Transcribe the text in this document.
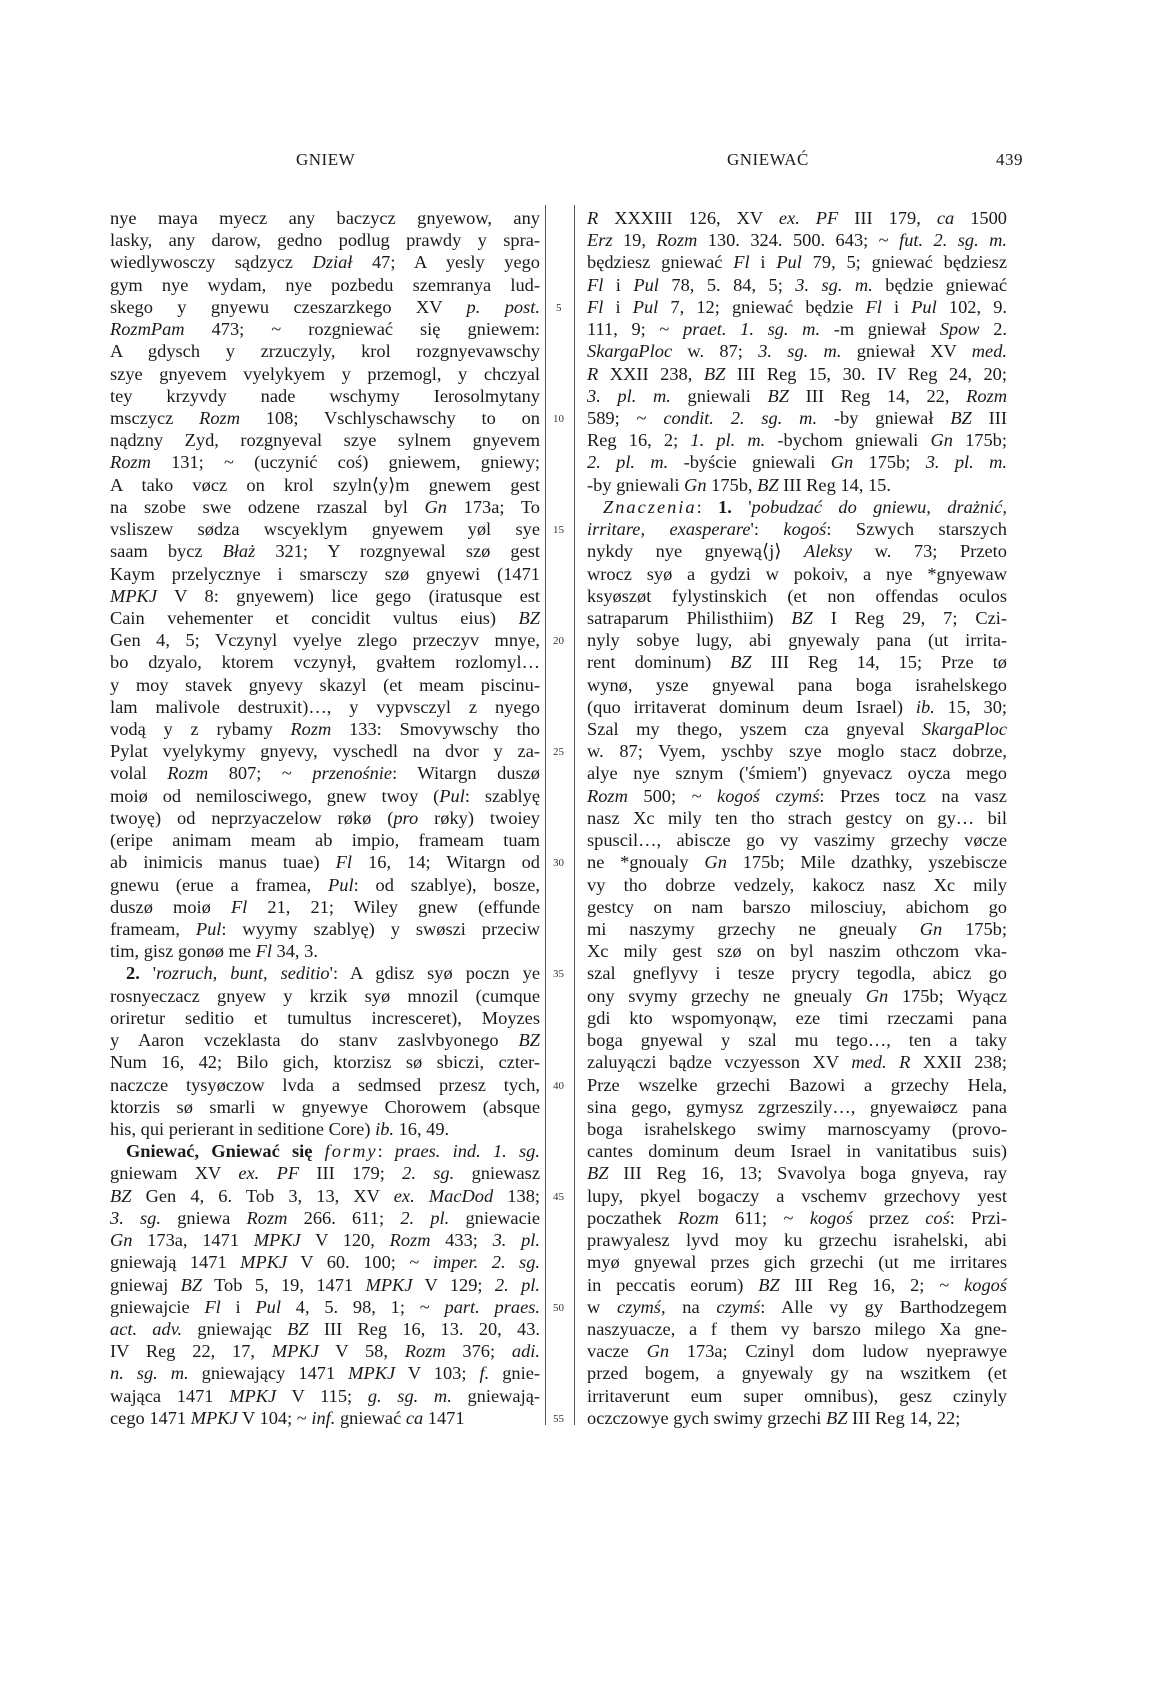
GNIEW	GNIEWAĆ	439
nye maya myecz any baczycz gnyewow, any
lasky, any darow, gedno podlug prawdy y spra-
wiedlywosczy sądzycz Dział 47; A yesly yego
gym nye wydam, nye pozbedu szemranya lud-
skego y gnyewu czeszarzkego XV p. post.
RozmPam 473; ~ rozgniewać się gniewem:
A gdysch y zrzuczyly, krol rozgnyevawschy
szye gnyevem vyelykyem y przemogl, y chczyal
tey krzyvdy nade wschymy Ierosolmytany
msczycz Rozm 108; Vschlyschawschy to on
nądzny Zyd, rozgnyeval szye sylnem gnyevem
Rozm 131; ~ (uczynić coś) gniewem, gniewy;
A tako vøcz on krol szyln⟨y⟩m gnewem gest
na szobe swe odzene rzaszal byl Gn 173a; To
vsliszew sødza wscyeklym gnyewem yøl sye
saam bycz Błaż 321; Y rozgnyewal szø gest
Kaym przelycznye i smarsczy szø gnyewi (1471
MPKJ V 8: gnyewem) lice gego (iratusque est
Cain vehementer et concidit vultus eius) BZ
Gen 4, 5; Vczynyl vyelye zlego przeczyv mnye,
bo dzyalo, ktorem vczynył, gvałtem rozlomyl…
y moy stavek gnyevy skazyl (et meam piscinu-
lam malivole destruxit)…, y vypvsczyl z nyego
vodą y z rybamy Rozm 133: Smovywschy tho
Pylat vyelykymy gnyevy, vyschedl na dvor y za-
volal Rozm 807; ~ przenośnie: Witargn duszø
moiø od nemilosciwego, gnew twoy (Pul: szablyę
twoyę) od neprzyaczelow røkø (pro røky) twoiey
(eripe animam meam ab impio, frameam tuam
ab inimicis manus tuae) Fl 16, 14; Witargn od
gnewu (erue a framea, Pul: od szablye), bosze,
duszø moiø Fl 21, 21; Wiley gnew (effunde
frameam, Pul: wyymy szablyę) y swøszi przeciw
tim, gisz gonøø me Fl 34, 3.
2. 'rozruch, bunt, seditio': A gdisz syø poczn ye
rosnyeczacz gnyew y krzik syø mnozil (cumque
oriretur seditio et tumultus incresceret), Moyzes
y Aaron vczeklasta do stanv zaslvbyonego BZ
Num 16, 42; Bilo gich, ktorzisz sø sbiczi, czter-
naczcze tysyøczow lvda a sedmsed przesz tych,
ktorzis sø smarli w gnyewye Chorowem (absque
his, qui perierant in seditione Core) ib. 16, 49.
Gniewać, Gniewać się formy: praes. ind. 1. sg.
gniewam XV ex. PF III 179; 2. sg. gniewasz
BZ Gen 4, 6. Tob 3, 13, XV ex. MacDod 138;
3. sg. gniewa Rozm 266. 611; 2. pl. gniewacie
Gn 173a, 1471 MPKJ V 120, Rozm 433; 3. pl.
gniewają 1471 MPKJ V 60. 100; ~ imper. 2. sg.
gniewaj BZ Tob 5, 19, 1471 MPKJ V 129; 2. pl.
gniewajcie Fl i Pul 4, 5. 98, 1; ~ part. praes.
act. adv. gniewając BZ III Reg 16, 13. 20, 43.
IV Reg 22, 17, MPKJ V 58, Rozm 376; adi.
n. sg. m. gniewający 1471 MPKJ V 103; f. gnie-
wająca 1471 MPKJ V 115; g. sg. m. gniewają-
cego 1471 MPKJ V 104; ~ inf. gniewać ca 1471
5
10
15
20
25
30
35
40
45
50
55
R XXXIII 126, XV ex. PF III 179, ca 1500
Erz 19, Rozm 130. 324. 500. 643; ~ fut. 2. sg. m.
będziesz gniewać Fl i Pul 79, 5; gniewać będziesz
Fl i Pul 78, 5. 84, 5; 3. sg. m. będzie gniewać
Fl i Pul 7, 12; gniewać będzie Fl i Pul 102, 9.
111, 9; ~ praet. 1. sg. m. -m gniewał Spow 2.
SkargaPloc w. 87; 3. sg. m. gniewał XV med.
R XXII 238, BZ III Reg 15, 30. IV Reg 24, 20;
3. pl. m. gniewali BZ III Reg 14, 22, Rozm
589; ~ condit. 2. sg. m. -by gniewał BZ III
Reg 16, 2; 1. pl. m. -bychom gniewali Gn 175b;
2. pl. m. -byście gniewali Gn 175b; 3. pl. m.
-by gniewali Gn 175b, BZ III Reg 14, 15.
Znaczenia: 1. 'pobudzać do gniewu, drażnić,
irritare, exasperare': kogoś: Szwych starszych
nykdy nye gnyewą⟨j⟩ Aleksy w. 73; Przeto
wrocz syø a gydzi w pokoiv, a nye *gnyewaw
ksyøszøt fylystinskich (et non offendas oculos
satraparum Philisthiim) BZ I Reg 29, 7; Czi-
nyly sobye lugy, abi gnyewaly pana (ut irrita-
rent dominum) BZ III Reg 14, 15; Prze tø
wynø, ysze gnyewal pana boga israhelskego
(quo irritaverat dominum deum Israel) ib. 15, 30;
Szal my thego, yszem cza gnyeval SkargaPloc
w. 87; Vyem, yschby szye moglo stacz dobrze,
alye nye sznym ('śmiem') gnyevacz oycza mego
Rozm 500; ~ kogoś czymś: Przes tocz na vasz
nasz Xc mily ten tho strach gestcy on gy… bil
spuscil…, abiscze go vy vaszimy grzechy vøcze
ne *gnoualy Gn 175b; Mile dzathky, yszebiscze
vy tho dobrze vedzely, kakocz nasz Xc mily
gestcy on nam barszo milosciuy, abichom go
mi naszymy grzechy ne gneualy Gn 175b;
Xc mily gest szø on byl naszim othczom vka-
szal gneflyvy i tesze prycry tegodla, abicz go
ony svymy grzechy ne gneualy Gn 175b; Wyącz
gdi kto wspomyonąw, eze timi rzeczami pana
boga gnyewal y szal mu tego…, ten a taky
zaluyączi bądze vczyesson XV med. R XXII 238;
Prze wszelke grzechi Bazowi a grzechy Hela,
sina gego, gymysz zgrzeszily…, gnyewaiøcz pana
boga israhelskego swimy marnoscyamy (provo-
cantes dominum deum Israel in vanitatibus suis)
BZ III Reg 16, 13; Svavolya boga gnyeva, ray
lupy, pkyel bogaczy a vschemv grzechovy yest
poczathek Rozm 611; ~ kogoś przez coś: Przi-
prawyalesz lyvd moy ku grzechu israhelski, abi
myø gnyewal przes gich grzechi (ut me irritares
in peccatis eorum) BZ III Reg 16, 2; ~ kogoś
w czymś, na czymś: Alle vy gy Barthodzegem
naszyuacze, a f them vy barszo milego Xa gne-
vacze Gn 173a; Czinyl dom ludow nyeprawye
przed bogem, a gnyewaly gy na wszitkem (et
irritaverunt eum super omnibus), gesz czinyly
oczczowye gych swimy grzechi BZ III Reg 14, 22;
